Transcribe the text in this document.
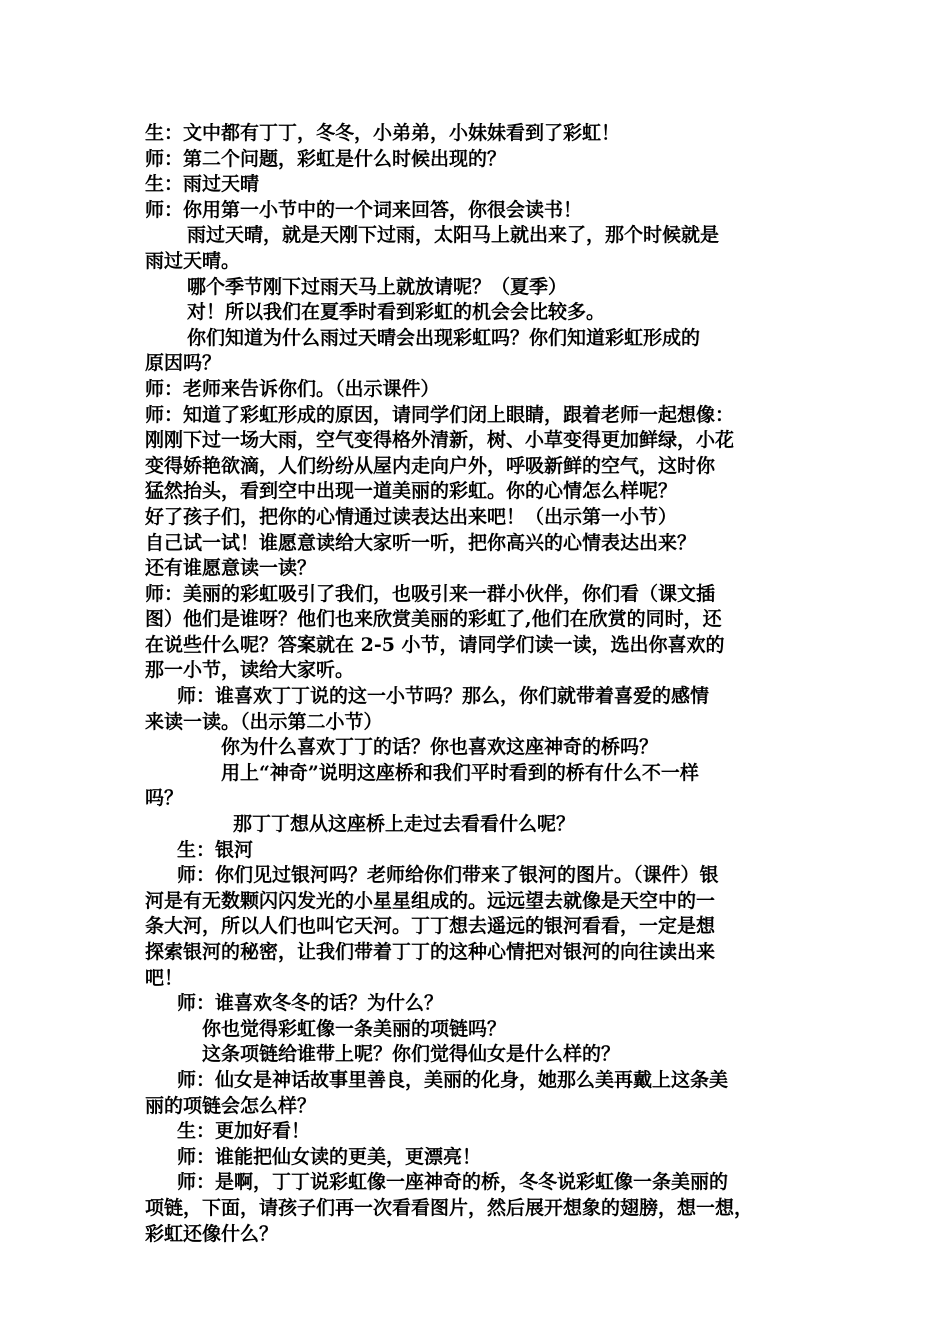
生：文中都有丁丁，冬冬，小弟弟，小妹妹看到了彩虹！
师：第二个问题，彩虹是什么时候出现的？
生：雨过天晴
师：你用第一小节中的一个词来回答，你很会读书！
雨过天晴，就是天刚下过雨，太阳马上就出来了，那个时候就是
雨过天晴。
哪个季节刚下过雨天马上就放请呢？（夏季）
对！所以我们在夏季时看到彩虹的机会会比较多。
你们知道为什么雨过天晴会出现彩虹吗？你们知道彩虹形成的
原因吗？
师：老师来告诉你们。（出示课件）
师：知道了彩虹形成的原因，请同学们闭上眼睛，跟着老师一起想像：
刚刚下过一场大雨，空气变得格外清新，树、小草变得更加鲜绿，小花
变得娇艳欲滴，人们纷纷从屋内走向户外，呼吸新鲜的空气，这时你
猛然抬头，看到空中出现一道美丽的彩虹。你的心情怎么样呢？
好了孩子们，把你的心情通过读表达出来吧！（出示第一小节）
自己试一试！谁愿意读给大家听一听，把你高兴的心情表达出来？
还有谁愿意读一读？
师：美丽的彩虹吸引了我们，也吸引来一群小伙伴，你们看（课文插
图）他们是谁呀？他们也来欣赏美丽的彩虹了,他们在欣赏的同时，还
在说些什么呢？答案就在 2-5 小节，请同学们读一读，选出你喜欢的
那一小节，读给大家听。
师：谁喜欢丁丁说的这一小节吗？那么，你们就带着喜爱的感情
来读一读。（出示第二小节）
你为什么喜欢丁丁的话？你也喜欢这座神奇的桥吗？
用上“神奇”说明这座桥和我们平时看到的桥有什么不一样
吗？
那丁丁想从这座桥上走过去看看什么呢？
生：银河
师：你们见过银河吗？老师给你们带来了银河的图片。（课件）银
河是有无数颗闪闪发光的小星星组成的。远远望去就像是天空中的一
条大河，所以人们也叫它天河。丁丁想去遥远的银河看看，一定是想
探索银河的秘密，让我们带着丁丁的这种心情把对银河的向往读出来
吧！
师：谁喜欢冬冬的话？为什么？
你也觉得彩虹像一条美丽的项链吗？
这条项链给谁带上呢？你们觉得仙女是什么样的？
师：仙女是神话故事里善良，美丽的化身，她那么美再戴上这条美
丽的项链会怎么样？
生：更加好看！
师：谁能把仙女读的更美，更漂亮！
师：是啊，丁丁说彩虹像一座神奇的桥，冬冬说彩虹像一条美丽的
项链，下面，请孩子们再一次看看图片，然后展开想象的翅膀，想一想，
彩虹还像什么？
